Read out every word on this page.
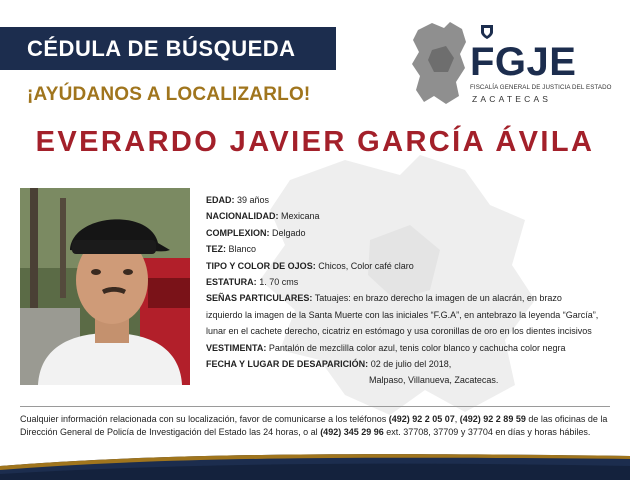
CÉDULA DE BÚSQUEDA
¡AYÚDANOS A LOCALIZARLO!
FGJE
FISCALÍA GENERAL DE JUSTICIA DEL ESTADO
ZACATECAS
EVERARDO JAVIER GARCÍA ÁVILA
EDAD: 39 años
NACIONALIDAD: Mexicana
COMPLEXION: Delgado
TEZ: Blanco
TIPO Y COLOR DE OJOS: Chicos, Color café claro
ESTATURA: 1. 70 cms
SEÑAS PARTICULARES: Tatuajes: en brazo derecho la imagen de un alacrán, en brazo
izquierdo la imagen de la Santa Muerte con las iniciales “F.G.A”, en antebrazo la leyenda “García”,
lunar en el cachete derecho, cicatriz en estómago y usa coronillas de oro en los dientes incisivos
VESTIMENTA: Pantalón de mezclilla color azul, tenis color blanco y cachucha color negra
FECHA Y LUGAR DE DESAPARICIÓN: 02 de julio del 2018,
Malpaso, Villanueva, Zacatecas.
Cualquier información relacionada con su localización, favor de comunicarse a los teléfonos (492) 92 2 05 07, (492) 92 2 89 59 de las oficinas de la
Dirección General de Policía de Investigación del Estado las 24 horas, o al (492) 345 29 96 ext. 37708, 37709 y 37704 en días y horas hábiles.
